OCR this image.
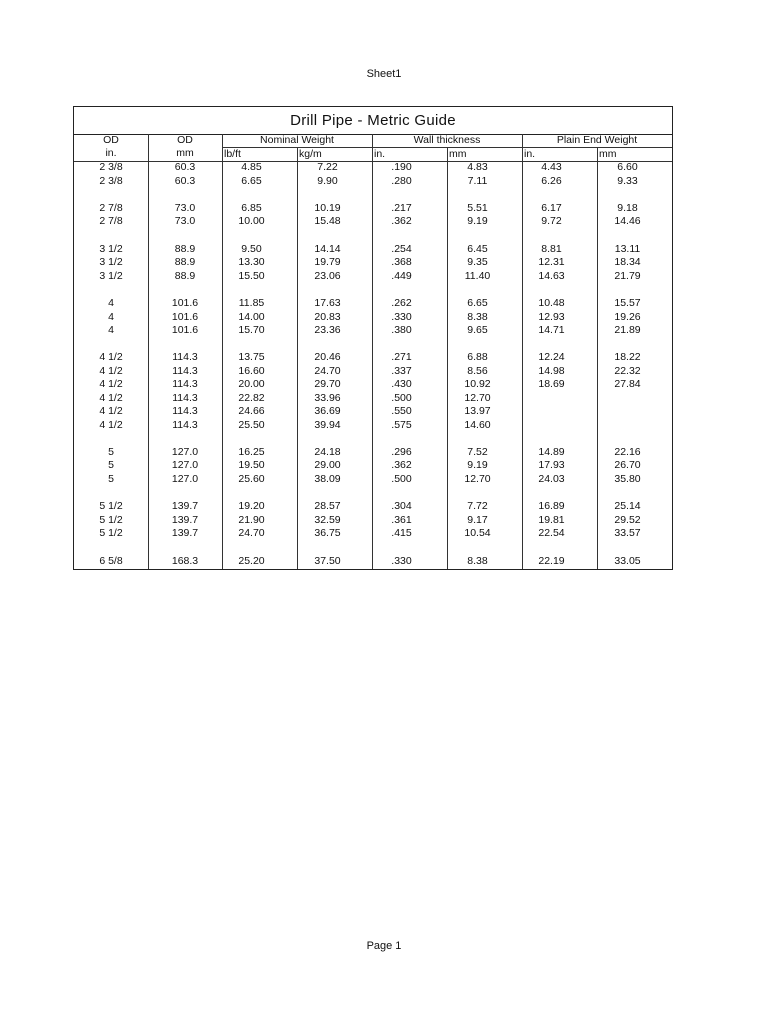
Sheet1
Drill Pipe - Metric Guide
OD	OD	Nominal Weight	Wall thickness	Plain End Weight
in.	mm	lb/ft	kg/m	in.	mm	in.	mm
2 3/8	60.3	4.85	7.22	.190	4.83	4.43	6.60
2 3/8	60.3	6.65	9.90	.280	7.11	6.26	9.33
2 7/8	73.0	6.85	10.19	.217	5.51	6.17	9.18
2 7/8	73.0	10.00	15.48	.362	9.19	9.72	14.46
3 1/2	88.9	9.50	14.14	.254	6.45	8.81	13.11
3 1/2	88.9	13.30	19.79	.368	9.35	12.31	18.34
3 1/2	88.9	15.50	23.06	.449	11.40	14.63	21.79
4	101.6	11.85	17.63	.262	6.65	10.48	15.57
4	101.6	14.00	20.83	.330	8.38	12.93	19.26
4	101.6	15.70	23.36	.380	9.65	14.71	21.89
4 1/2	114.3	13.75	20.46	.271	6.88	12.24	18.22
4 1/2	114.3	16.60	24.70	.337	8.56	14.98	22.32
4 1/2	114.3	20.00	29.70	.430	10.92	18.69	27.84
4 1/2	114.3	22.82	33.96	.500	12.70
4 1/2	114.3	24.66	36.69	.550	13.97
4 1/2	114.3	25.50	39.94	.575	14.60
5	127.0	16.25	24.18	.296	7.52	14.89	22.16
5	127.0	19.50	29.00	.362	9.19	17.93	26.70
5	127.0	25.60	38.09	.500	12.70	24.03	35.80
5 1/2	139.7	19.20	28.57	.304	7.72	16.89	25.14
5 1/2	139.7	21.90	32.59	.361	9.17	19.81	29.52
5 1/2	139.7	24.70	36.75	.415	10.54	22.54	33.57
6 5/8	168.3	25.20	37.50	.330	8.38	22.19	33.05
Page 1
